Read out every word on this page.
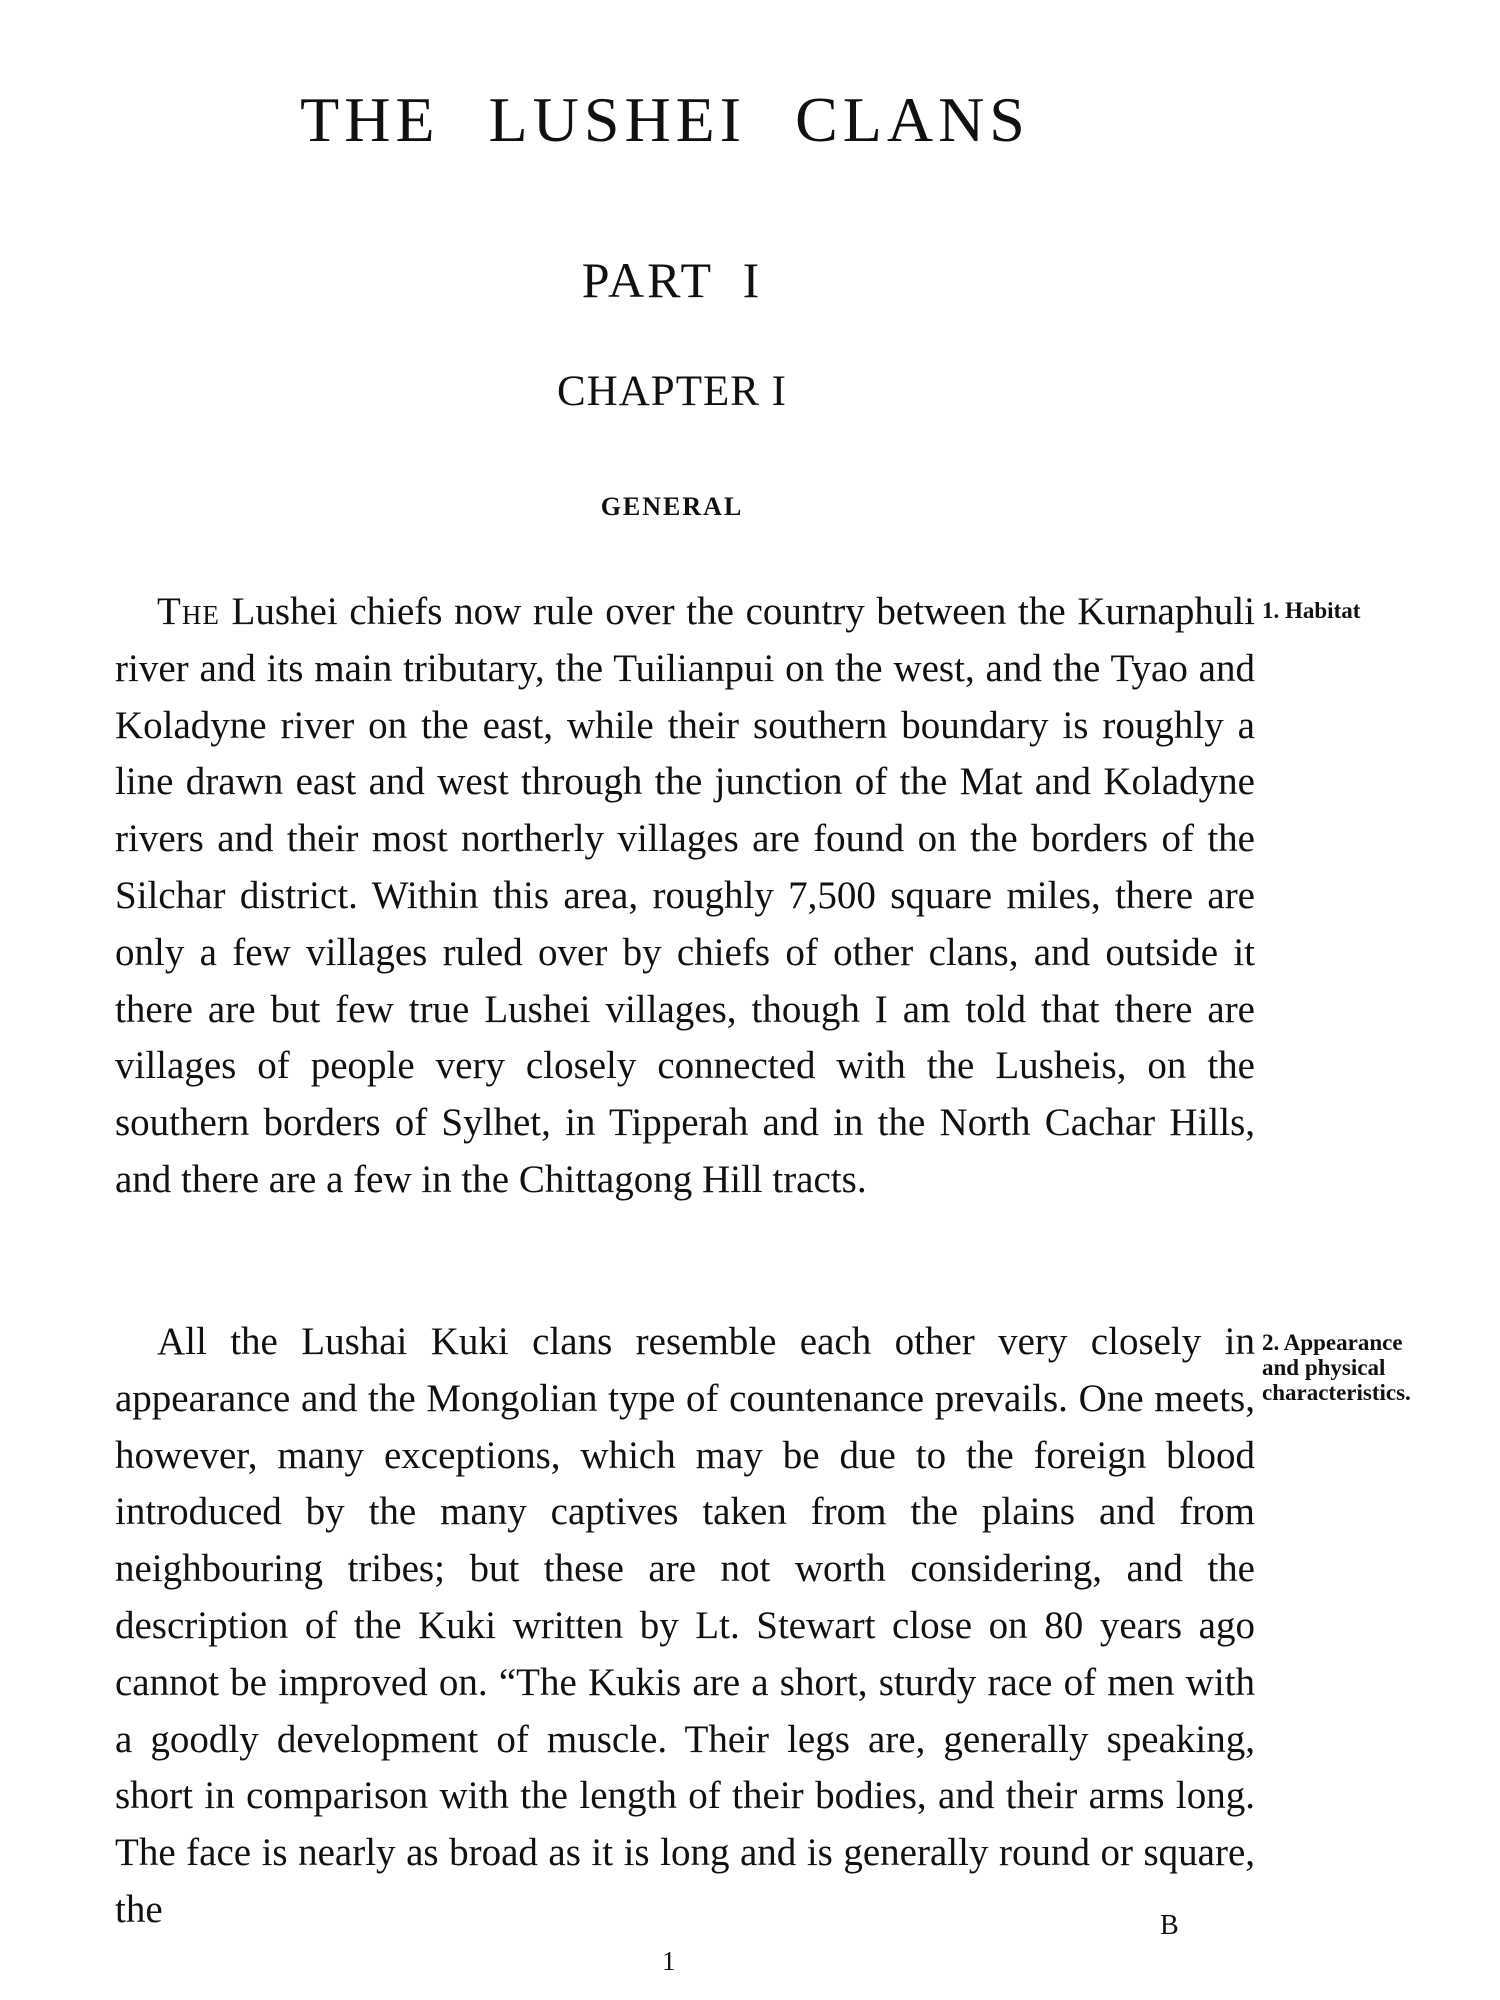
THE LUSHEI CLANS
PART I
CHAPTER I
GENERAL

The Lushei chiefs now rule over the country between the Kurnaphuli river and its main tributary, the Tuilianpui on the west, and the Tyao and Koladyne river on the east, while their southern boundary is roughly a line drawn east and west through the junction of the Mat and Koladyne rivers and their most northerly villages are found on the borders of the Silchar district. Within this area, roughly 7,500 square miles, there are only a few villages ruled over by chiefs of other clans, and outside it there are but few true Lushei villages, though I am told that there are villages of people very closely connected with the Lusheis, on the southern borders of Sylhet, in Tipperah and in the North Cachar Hills, and there are a few in the Chittagong Hill tracts.

1. Habitat

All the Lushai Kuki clans resemble each other very closely in appearance and the Mongolian type of countenance prevails. One meets, however, many exceptions, which may be due to the foreign blood introduced by the many captives taken from the plains and from neighbouring tribes; but these are not worth considering, and the description of the Kuki written by Lt. Stewart close on 80 years ago cannot be improved on. “The Kukis are a short, sturdy race of men with a goodly development of muscle. Their legs are, generally speaking, short in comparison with the length of their bodies, and their arms long. The face is nearly as broad as it is long and is generally round or square, the

2. Appearance and physical characteristics.

1
B
